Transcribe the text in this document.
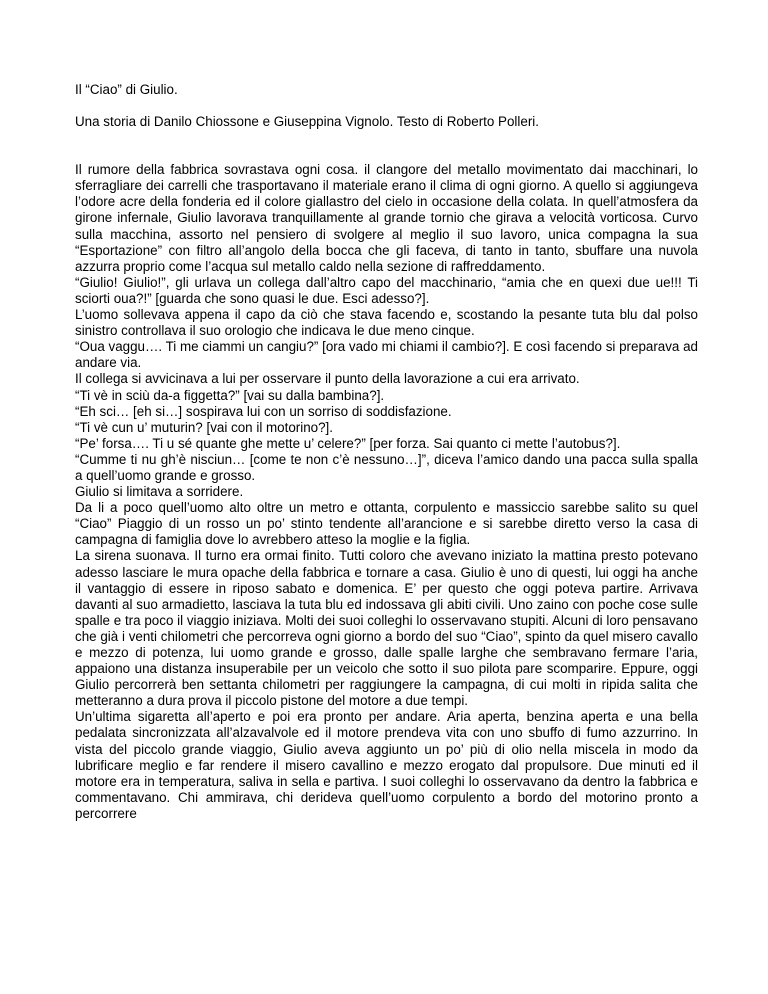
Il “Ciao” di Giulio.

Una storia di Danilo Chiossone e Giuseppina Vignolo. Testo di Roberto Polleri.

Il rumore della fabbrica sovrastava ogni cosa. il clangore del metallo movimentato dai macchinari, lo sferragliare dei carrelli che trasportavano il materiale erano il clima di ogni giorno. A quello si aggiungeva l’odore acre della fonderia ed il colore giallastro del cielo in occasione della colata. In quell’atmosfera da girone infernale, Giulio lavorava tranquillamente al grande tornio che girava a velocità vorticosa. Curvo sulla macchina, assorto nel pensiero di svolgere al meglio il suo lavoro, unica compagna la sua “Esportazione” con filtro all’angolo della bocca che gli faceva, di tanto in tanto, sbuffare una nuvola azzurra proprio come l’acqua sul metallo caldo nella sezione di raffreddamento.

“Giulio! Giulio!”, gli urlava un collega dall’altro capo del macchinario, “amia che en quexi due ue!!! Ti sciorti oua?!” [guarda che sono quasi le due. Esci adesso?].

L’uomo sollevava appena il capo da ciò che stava facendo e, scostando la pesante tuta blu dal polso sinistro controllava il suo orologio che indicava le due meno cinque.

“Oua vaggu…. Ti me ciammi un cangiu?” [ora vado mi chiami il cambio?]. E così facendo si preparava ad andare via.

Il collega si avvicinava a lui per osservare il punto della lavorazione a cui era arrivato.

“Ti vè in sciù da-a figgetta?” [vai su dalla bambina?].

“Eh sci… [eh si…] sospirava lui con un sorriso di soddisfazione.

“Ti vè cun u’ muturin? [vai con il motorino?].

“Pe’ forsa…. Ti u sé quante ghe mette u’ celere?” [per forza. Sai quanto ci mette l’autobus?].

“Cumme ti nu gh’è nisciun… [come te non c’è nessuno…]”, diceva l’amico dando una pacca sulla spalla a quell’uomo grande e grosso.

Giulio si limitava a sorridere.

Da li a poco quell’uomo alto oltre un metro e ottanta, corpulento e massiccio sarebbe salito su quel “Ciao” Piaggio di un rosso un po’ stinto tendente all’arancione e si sarebbe diretto verso la casa di campagna di famiglia dove lo avrebbero atteso la moglie e la figlia.

La sirena suonava. Il turno era ormai finito. Tutti coloro che avevano iniziato la mattina presto potevano adesso lasciare le mura opache della fabbrica e tornare a casa. Giulio è uno di questi, lui oggi ha anche il vantaggio di essere in riposo sabato e domenica. E’ per questo che oggi poteva partire. Arrivava davanti al suo armadietto, lasciava la tuta blu ed indossava gli abiti civili. Uno zaino con poche cose sulle spalle e tra poco il viaggio iniziava. Molti dei suoi colleghi lo osservavano stupiti. Alcuni di loro pensavano che già i venti chilometri che percorreva ogni giorno a bordo del suo “Ciao”, spinto da quel misero cavallo e mezzo di potenza, lui uomo grande e grosso, dalle spalle larghe che sembravano fermare l’aria, appaiono una distanza insuperabile per un veicolo che sotto il suo pilota pare scomparire. Eppure, oggi Giulio percorrerà ben settanta chilometri per raggiungere la campagna, di cui molti in ripida salita che metteranno a dura prova il piccolo pistone del motore a due tempi.

Un’ultima sigaretta all’aperto e poi era pronto per andare. Aria aperta, benzina aperta e una bella pedalata sincronizzata all’alzavalvole ed il motore prendeva vita con uno sbuffo di fumo azzurrino. In vista del piccolo grande viaggio, Giulio aveva aggiunto un po’ più di olio nella miscela in modo da lubrificare meglio e far rendere il misero cavallino e mezzo erogato dal propulsore. Due minuti ed il motore era in temperatura, saliva in sella e partiva. I suoi colleghi lo osservavano da dentro la fabbrica e commentavano. Chi ammirava, chi derideva quell’uomo corpulento a bordo del motorino pronto a percorrere
